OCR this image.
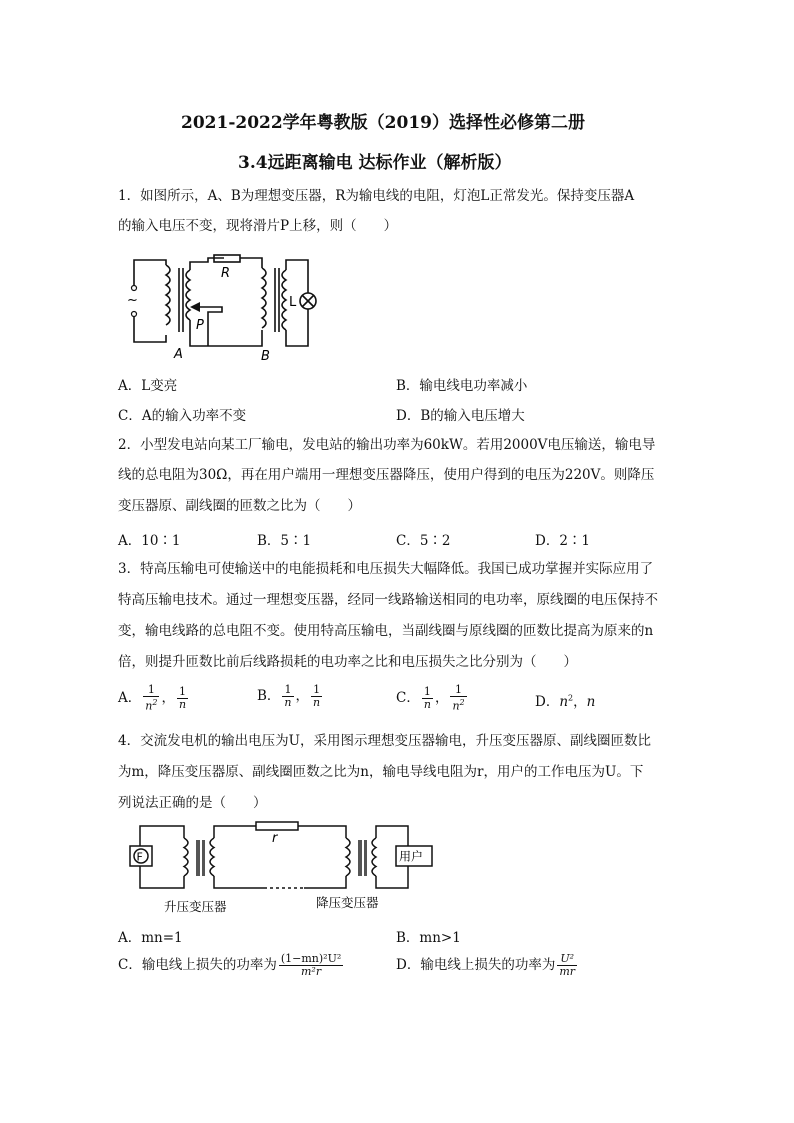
2021-2022学年粤教版（2019）选择性必修第二册
3.4远距离输电 达标作业（解析版）
1．如图所示，A、B为理想变压器，R为输电线的电阻，灯泡L正常发光。保持变压器A
的输入电压不变，现将滑片P上移，则（　　）
~
R
P
A	B
L
A．L变亮	B．输电线电功率减小
C．A的输入功率不变	D．B的输入电压增大
2．小型发电站向某工厂输电，发电站的输出功率为60kW。若用2000V电压输送，输电导
线的总电阻为30Ω，再在用户端用一理想变压器降压，使用户得到的电压为220V。则降压
变压器原、副线圈的匝数之比为（　　）
A．10∶1	B．5∶1	C．5∶2	D．2∶1
3．特高压输电可使输送中的电能损耗和电压损失大幅降低。我国已成功掌握并实际应用了
特高压输电技术。通过一理想变压器，经同一线路输送相同的电功率，原线圈的电压保持不
变，输电线路的总电阻不变。使用特高压输电，当副线圈与原线圈的匝数比提高为原来的n
倍，则提升匝数比前后线路损耗的电功率之比和电压损失之比分别为（　　）
A． $\frac{1}{n^2}$ ， $\frac{1}{n}$	B． $\frac{1}{n}$ ， $\frac{1}{n}$	C． $\frac{1}{n}$ ， $\frac{1}{n^2}$	D．$n^2$，n
4．交流发电机的输出电压为U，采用图示理想变压器输电，升压变压器原、副线圈匝数比
为m，降压变压器原、副线圈匝数之比为n，输电导线电阻为r，用户的工作电压为U。下
列说法正确的是（　　）
F
r
用户
升压变压器	降压变压器
A．mn=1	B．mn>1
C．输电线上损失的功率为 $\frac{\text{(1−mn)²U²}}{\text{m²r}}$	D．输电线上损失的功率为 $\frac{\text{U²}}{mr}$
